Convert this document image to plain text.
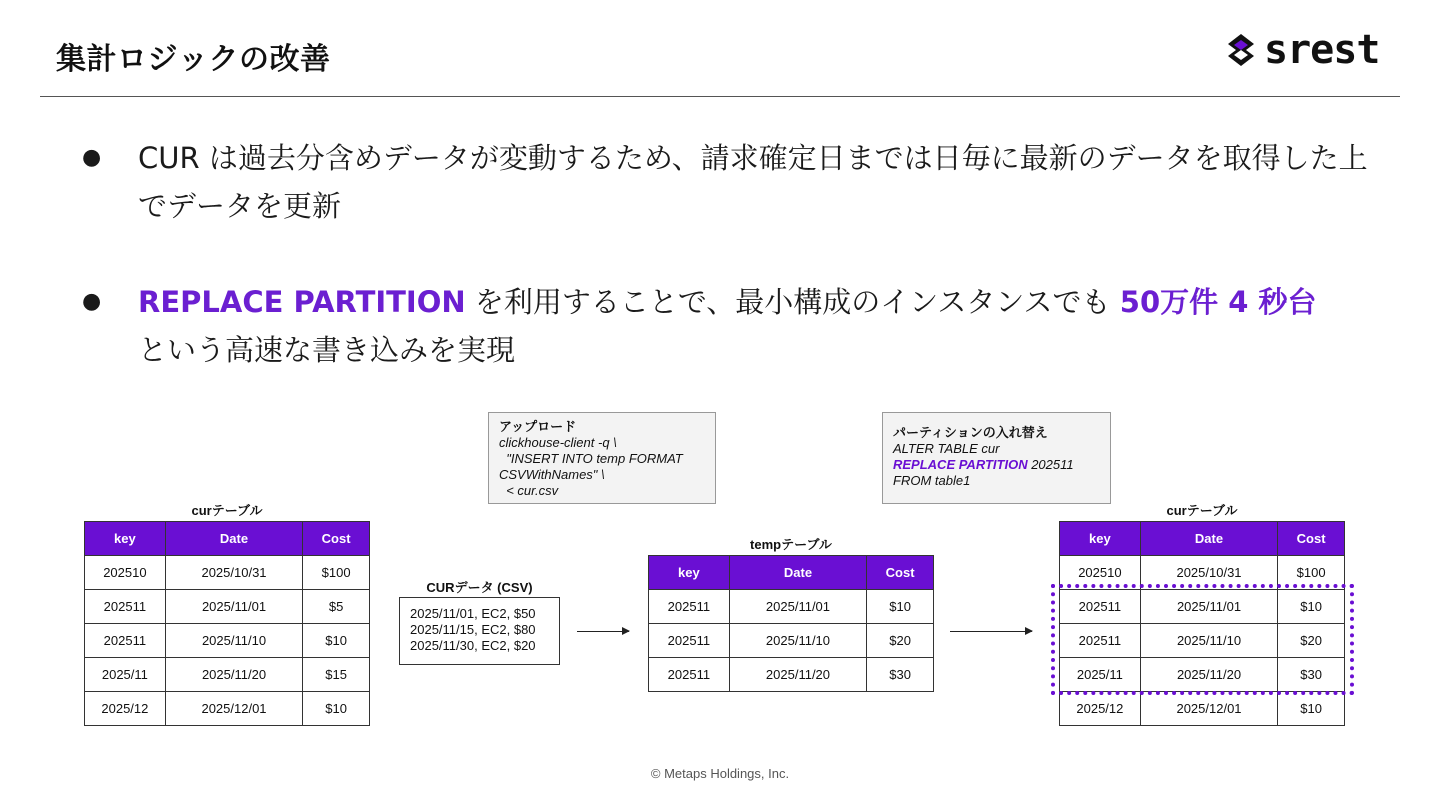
集計ロジックの改善	srest
● CUR は過去分含めデータが変動するため、請求確定日までは日毎に最新のデータを取得した上でデータを更新
● REPLACE PARTITION を利用することで、最小構成のインスタンスでも 50万件 4 秒台
という高速な書き込みを実現
アップロード
clickhouse-client -q \
"INSERT INTO temp FORMAT
CSVWithNames" \
< cur.csv
パーティションの入れ替え
ALTER TABLE cur
REPLACE PARTITION 202511
FROM table1
curテーブル
key	Date	Cost
202510	2025/10/31	$100
202511	2025/11/01	$5
202511	2025/11/10	$10
2025/11	2025/11/20	$15
2025/12	2025/12/01	$10
CURデータ (CSV)
2025/11/01, EC2, $50
2025/11/15, EC2, $80
2025/11/30, EC2, $20
tempテーブル
key	Date	Cost
202511	2025/11/01	$10
202511	2025/11/10	$20
202511	2025/11/20	$30
curテーブル
key	Date	Cost
202510	2025/10/31	$100
202511	2025/11/01	$10
202511	2025/11/10	$20
2025/11	2025/11/20	$30
2025/12	2025/12/01	$10
© Metaps Holdings, Inc.
